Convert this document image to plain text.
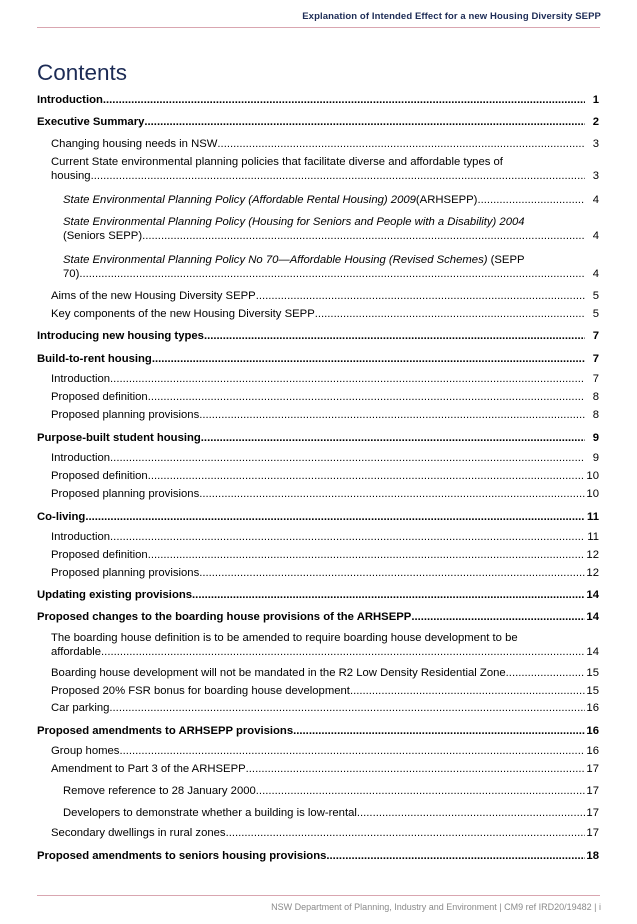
Explanation of Intended Effect for a new Housing Diversity SEPP
Contents
Introduction .....	1
Executive Summary .....	2
Changing housing needs in NSW .....	3
Current State environmental planning policies that facilitate diverse and affordable types of
housing .....	3
State Environmental Planning Policy (Affordable Rental Housing) 2009 (ARHSEPP) .....	4
State Environmental Planning Policy (Housing for Seniors and People with a Disability) 2004
(Seniors SEPP) .....	4
State Environmental Planning Policy No 70—Affordable Housing (Revised Schemes) (SEPP
70) .....	4
Aims of the new Housing Diversity SEPP .....	5
Key components of the new Housing Diversity SEPP .....	5
Introducing new housing types .....	7
Build-to-rent housing .....	7
Introduction .....	7
Proposed definition .....	8
Proposed planning provisions .....	8
Purpose-built student housing .....	9
Introduction .....	9
Proposed definition .....	10
Proposed planning provisions .....	10
Co-living .....	11
Introduction .....	11
Proposed definition .....	12
Proposed planning provisions .....	12
Updating existing provisions .....	14
Proposed changes to the boarding house provisions of the ARHSEPP .....	14
The boarding house definition is to be amended to require boarding house development to be
affordable .....	14
Boarding house development will not be mandated in the R2 Low Density Residential Zone .....	15
Proposed 20% FSR bonus for boarding house development .....	15
Car parking .....	16
Proposed amendments to ARHSEPP provisions .....	16
Group homes .....	16
Amendment to Part 3 of the ARHSEPP .....	17
Remove reference to 28 January 2000 .....	17
Developers to demonstrate whether a building is low-rental .....	17
Secondary dwellings in rural zones .....	17
Proposed amendments to seniors housing provisions .....	18
NSW Department of Planning, Industry and Environment | CM9 ref IRD20/19482 | i
